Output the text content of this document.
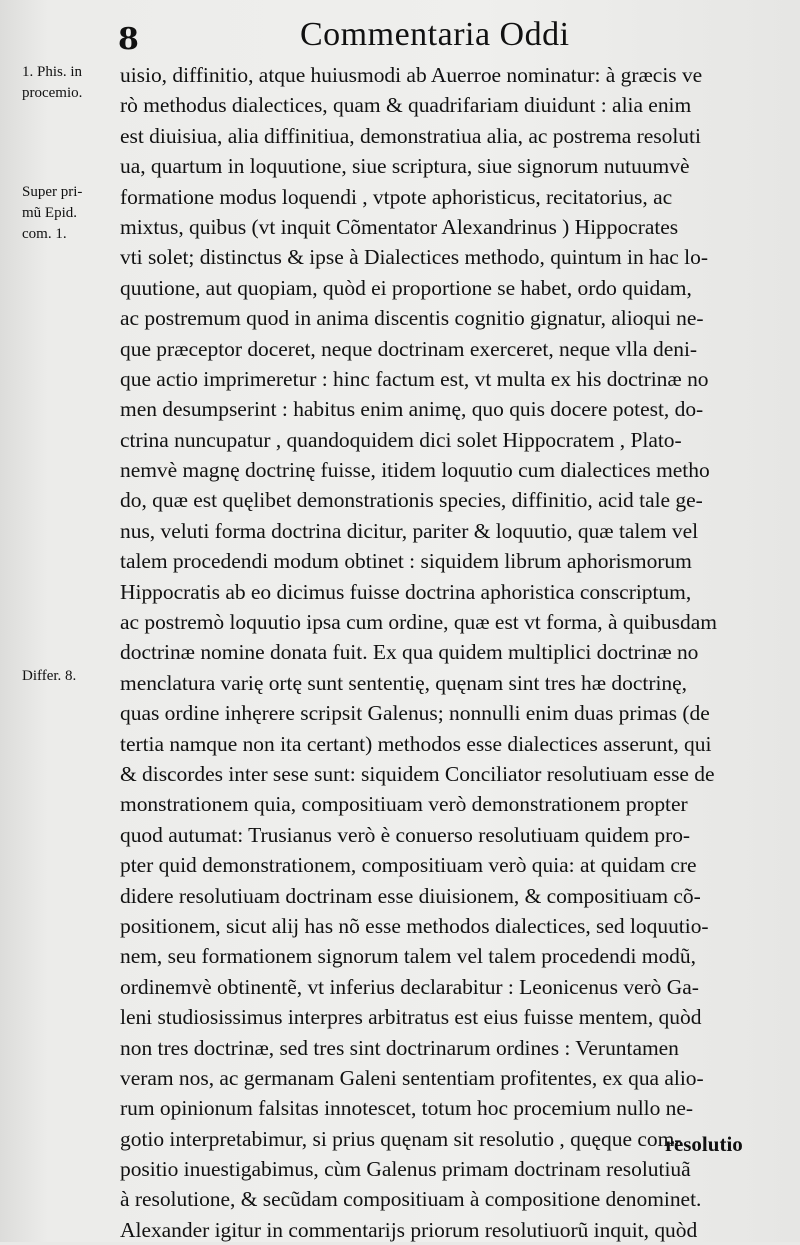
8	Commentaria Oddi
1. Phis. in
procemio.
Super pri-
mũ Epid.
com. 1.
Differ. 8.
uisio, diffinitio, atque huiusmodi ab Auerroe nominatur: à græcis ve
rò methodus dialectices, quam & quadrifariam diuidunt : alia enim
est diuisiua, alia diffinitiua, demonstratiua alia, ac postrema resoluti
ua, quartum in loquutione, siue scriptura, siue signorum nutuumvè
formatione modus loquendi , vtpote aphoristicus, recitatorius, ac
mixtus, quibus (vt inquit Cõmentator Alexandrinus ) Hippocrates
vti solet; distinctus & ipse à Dialectices methodo, quintum in hac lo-
quutione, aut quopiam, quòd ei proportione se habet, ordo quidam,
ac postremum quod in anima discentis cognitio gignatur, alioqui ne-
que præceptor doceret, neque doctrinam exerceret, neque vlla deni-
que actio imprimeretur : hinc factum est, vt multa ex his doctrinæ no
men desumpserint : habitus enim animę, quo quis docere potest, do-
ctrina nuncupatur , quandoquidem dici solet Hippocratem , Plato-
nemvè magnę doctrinę fuisse, itidem loquutio cum dialectices metho
do, quæ est quęlibet demonstrationis species, diffinitio, acid tale ge-
nus, veluti forma doctrina dicitur, pariter & loquutio, quæ talem vel
talem procedendi modum obtinet : siquidem librum aphorismorum
Hippocratis ab eo dicimus fuisse doctrina aphoristica conscriptum,
ac postremò loquutio ipsa cum ordine, quæ est vt forma, à quibusdam
doctrinæ nomine donata fuit. Ex qua quidem multiplici doctrinæ no
menclatura varię ortę sunt sententię, quęnam sint tres hæ doctrinę,
quas ordine inhęrere scripsit Galenus; nonnulli enim duas primas (de
tertia namque non ita certant) methodos esse dialectices asserunt, qui
& discordes inter sese sunt: siquidem Conciliator resolutiuam esse de
monstrationem quia, compositiuam verò demonstrationem propter
quod autumat: Trusianus verò è conuerso resolutiuam quidem pro-
pter quid demonstrationem, compositiuam verò quia: at quidam cre
didere resolutiuam doctrinam esse diuisionem, & compositiuam cõ-
positionem, sicut alij has nõ esse methodos dialectices, sed loquutio-
nem, seu formationem signorum talem vel talem procedendi modũ,
ordinemvè obtinentẽ, vt inferius declarabitur : Leonicenus verò Ga-
leni studiosissimus interpres arbitratus est eius fuisse mentem, quòd
non tres doctrinæ, sed tres sint doctrinarum ordines : Veruntamen
veram nos, ac germanam Galeni sententiam profitentes, ex qua alio-
rum opinionum falsitas innotescet, totum hoc procemium nullo ne-
gotio interpretabimur, si prius quęnam sit resolutio , quęque com-
positio inuestigabimus, cùm Galenus primam doctrinam resolutiuã
à resolutione, & secũdam compositiuam à compositione denominet.
Alexander igitur in commentarijs priorum resolutiuorũ inquit, quòd
resolutio
